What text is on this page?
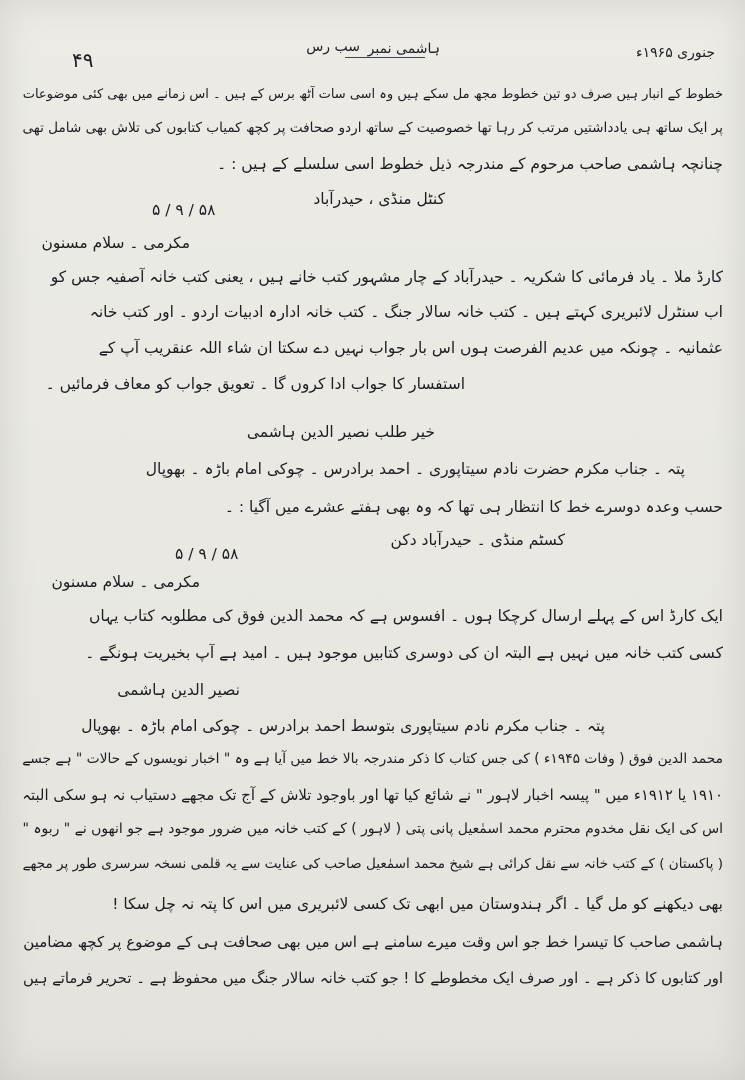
۴۹
سب رس ہاشمی نمبر	جنوری ۱۹۶۵ء
خطوط کے انبار ہیں صرف دو تین خطوط مجھ مل سکے ہیں وہ اسی سات آٹھ برس کے ہیں ۔ اس زمانے میں بھی کئی موضوعات
پر ایک ساتھ ہی یادداشتیں مرتب کر رہا تھا خصوصیت کے ساتھ اردو صحافت پر کچھ کمیاب کتابوں کی تلاش بھی شامل تھی
چنانچہ ہاشمی صاحب مرحوم کے مندرجہ ذیل خطوط اسی سلسلے کے ہیں : ۔
کنٹل منڈی ، حیدرآباد
۵ / ۹ / ۵۸
مکرمی ۔ سلام مسنون
کارڈ ملا ۔ یاد فرمائی کا شکریہ ۔ حیدرآباد کے چار مشہور کتب خانے ہیں ، یعنی کتب خانہ آصفیہ جس کو
اب سنٹرل لائبریری کہتے ہیں ۔ کتب خانہ سالار جنگ ۔ کتب خانہ ادارہ ادبیات اردو ۔ اور کتب خانہ
عثمانیہ ۔ چونکہ میں عدیم الفرصت ہوں اس بار جواب نہیں دے سکتا ان شاء اللہ عنقریب آپ کے
استفسار کا جواب ادا کروں گا ۔ تعویق جواب کو معاف فرمائیں ۔
خیر طلب نصیر الدین ہاشمی
پتہ ۔ جناب مکرم حضرت نادم سیتاپوری ۔ احمد برادرس ۔ چوکی امام باڑہ ۔ بھوپال
حسب وعدہ دوسرے خط کا انتظار ہی تھا کہ وہ بھی ہفتے عشرے میں آگیا : ۔
کسٹم منڈی ۔ حیدرآباد دکن
۵ / ۹ / ۵۸
مکرمی ۔ سلام مسنون
ایک کارڈ اس کے پہلے ارسال کرچکا ہوں ۔ افسوس ہے کہ محمد الدین فوق کی مطلوبہ کتاب یہاں
کسی کتب خانہ میں نہیں ہے البتہ ان کی دوسری کتابیں موجود ہیں ۔ امید ہے آپ بخیریت ہونگے ۔
نصیر الدین ہاشمی
پتہ ۔ جناب مکرم نادم سیتاپوری بتوسط احمد برادرس ۔ چوکی امام باڑہ ۔ بھوپال
محمد الدین فوق ( وفات ۱۹۴۵ء ) کی جس کتاب کا ذکر مندرجہ بالا خط میں آیا ہے وہ " اخبار نویسوں کے حالات " ہے جسے
۱۹۱۰ یا ۱۹۱۲ء میں " پیسہ اخبار لاہور " نے شائع کیا تھا اور باوجود تلاش کے آج تک مجھے دستیاب نہ ہو سکی البتہ
اس کی ایک نقل مخدوم محترم محمد اسمٰعیل پانی پتی ( لاہور ) کے کتب خانہ میں ضرور موجود ہے جو انھوں نے " ربوہ "
( پاکستان ) کے کتب خانہ سے نقل کرائی ہے شیخ محمد اسمٰعیل صاحب کی عنایت سے یہ قلمی نسخہ سرسری طور پر مجھے
بھی دیکھنے کو مل گیا ۔ اگر ہندوستان میں ابھی تک کسی لائبریری میں اس کا پتہ نہ چل سکا !
ہاشمی صاحب کا تیسرا خط جو اس وقت میرے سامنے ہے اس میں بھی صحافت ہی کے موضوع پر کچھ مضامین
اور کتابوں کا ذکر ہے ۔ اور صرف ایک مخطوطے کا ! جو کتب خانہ سالار جنگ میں محفوظ ہے ۔ تحریر فرماتے ہیں
